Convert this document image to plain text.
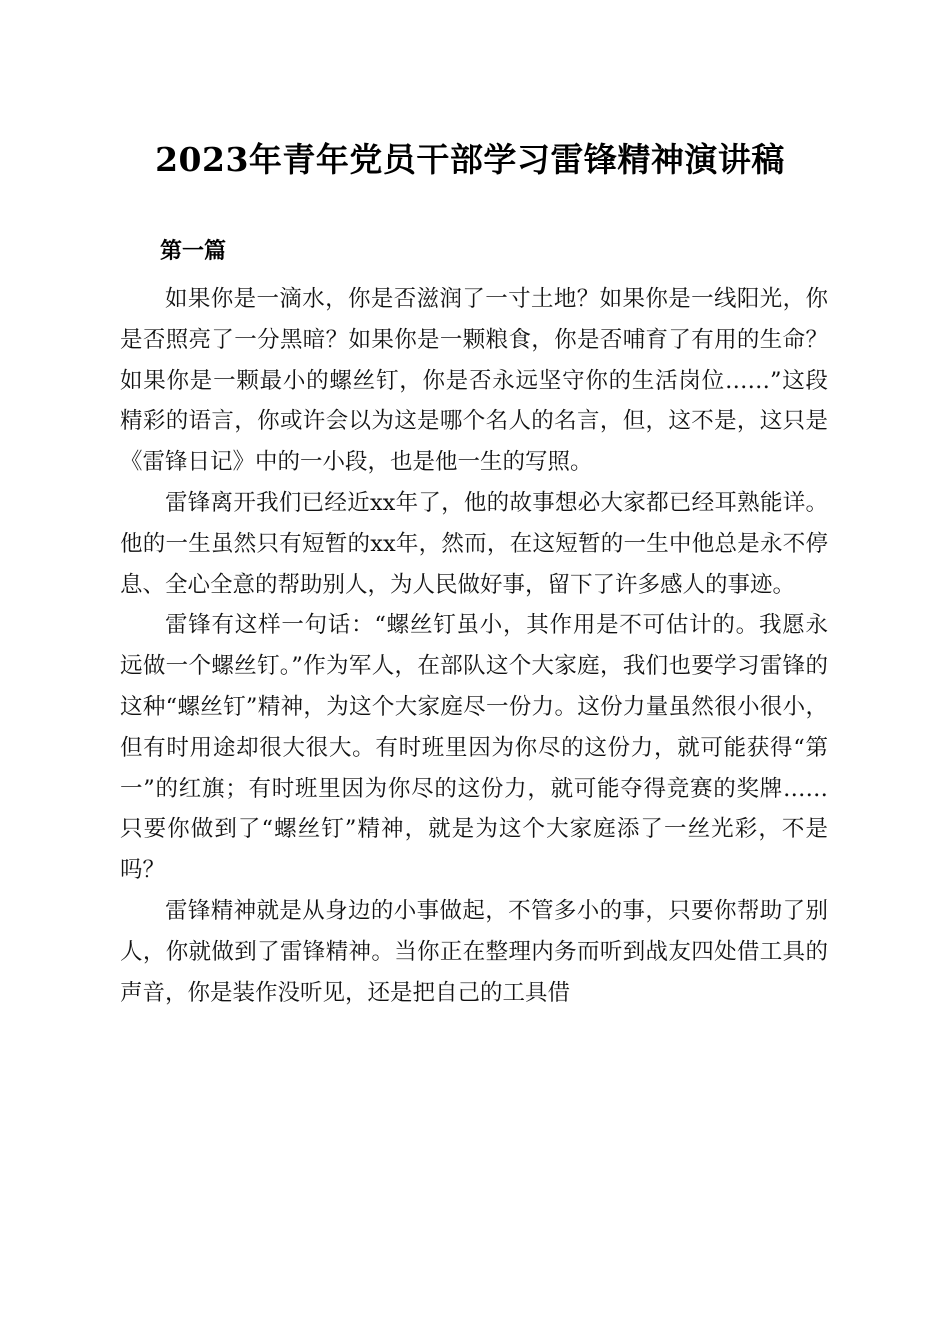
2023年青年党员干部学习雷锋精神演讲稿
第一篇

如果你是一滴水，你是否滋润了一寸土地？如果你是一线阳光，你是否照亮了一分黑暗？如果你是一颗粮食，你是否哺育了有用的生命？如果你是一颗最小的螺丝钉，你是否永远坚守你的生活岗位……”这段精彩的语言，你或许会以为这是哪个名人的名言，但，这不是，这只是《雷锋日记》中的一小段，也是他一生的写照。

雷锋离开我们已经近xx年了，他的故事想必大家都已经耳熟能详。他的一生虽然只有短暂的xx年，然而，在这短暂的一生中他总是永不停息、全心全意的帮助别人，为人民做好事，留下了许多感人的事迹。

雷锋有这样一句话：“螺丝钉虽小，其作用是不可估计的。我愿永远做一个螺丝钉。”作为军人，在部队这个大家庭，我们也要学习雷锋的这种“螺丝钉”精神，为这个大家庭尽一份力。这份力量虽然很小很小，但有时用途却很大很大。有时班里因为你尽的这份力，就可能获得“第一”的红旗；有时班里因为你尽的这份力，就可能夺得竞赛的奖牌……只要你做到了“螺丝钉”精神，就是为这个大家庭添了一丝光彩，不是吗？

雷锋精神就是从身边的小事做起，不管多小的事，只要你帮助了别人，你就做到了雷锋精神。当你正在整理内务而听到战友四处借工具的声音，你是装作没听见，还是把自己的工具借
